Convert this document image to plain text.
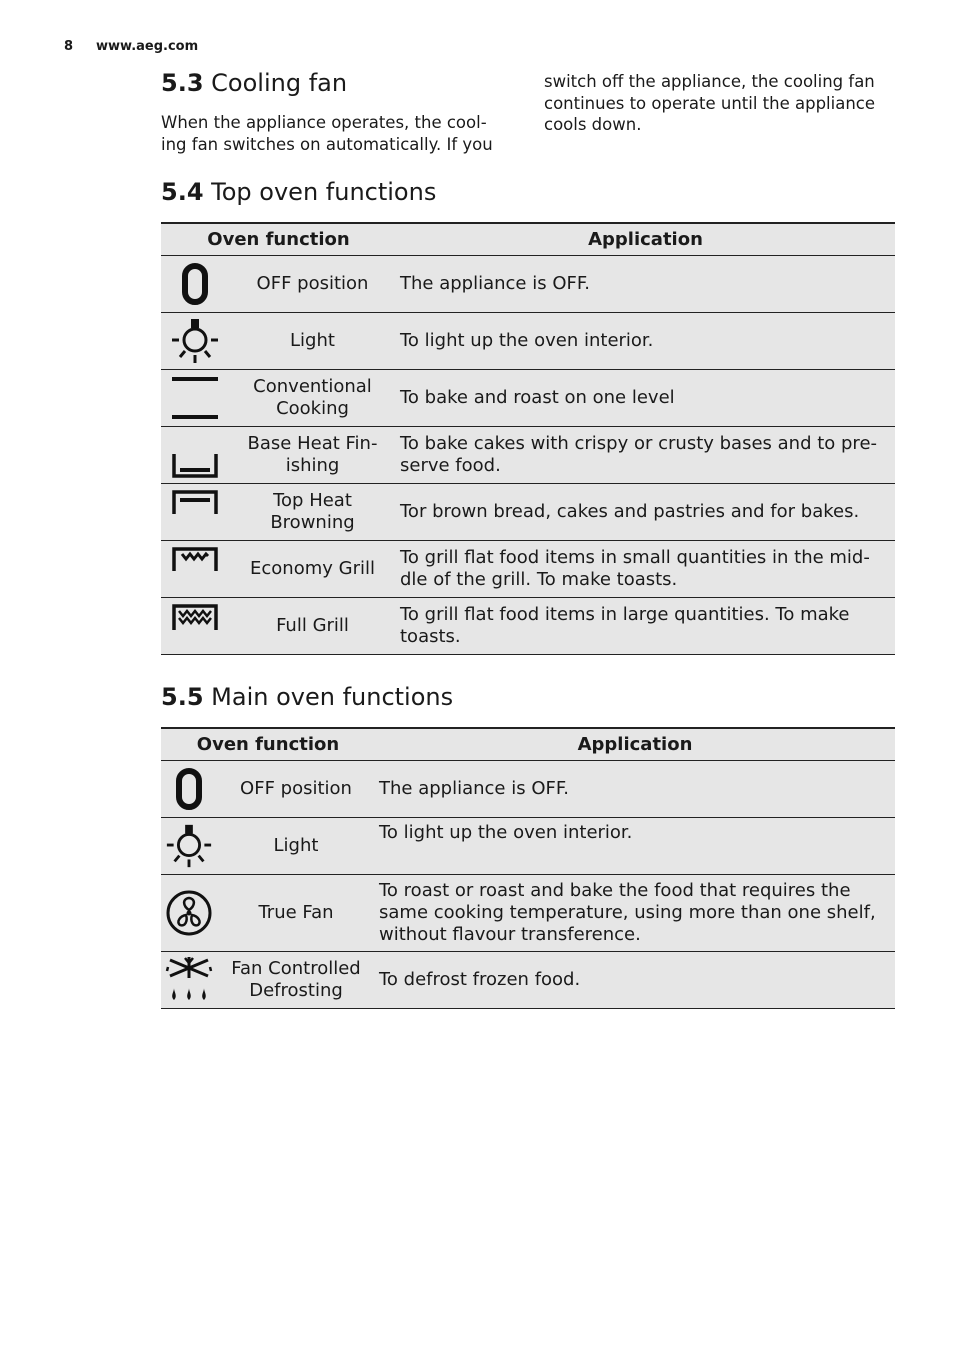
8 www.aeg.com
5.3 Cooling fan
When the appliance operates, the cool-ing fan switches on automatically. If you
switch off the appliance, the cooling fan continues to operate until the appliance cools down.
5.4 Top oven functions
Oven function		Application

	OFF position	The appliance is OFF.

	Light	To light up the oven interior.

	Conventional Cooking	To bake and roast on one level

	Base Heat Fin-ishing	To bake cakes with crispy or crusty bases and to pre-serve food.

	Top Heat Browning	Tor brown bread, cakes and pastries and for bakes.

	Economy Grill	To grill flat food items in small quantities in the mid-dle of the grill. To make toasts.

	Full Grill	To grill flat food items in large quantities. To make toasts.
5.5 Main oven functions
Oven function		Application

	OFF position	The appliance is OFF.

	Light	To light up the oven interior.

	True Fan	To roast or roast and bake the food that requires the same cooking temperature, using more than one shelf, without flavour transference.

	Fan Controlled Defrosting	To defrost frozen food.
